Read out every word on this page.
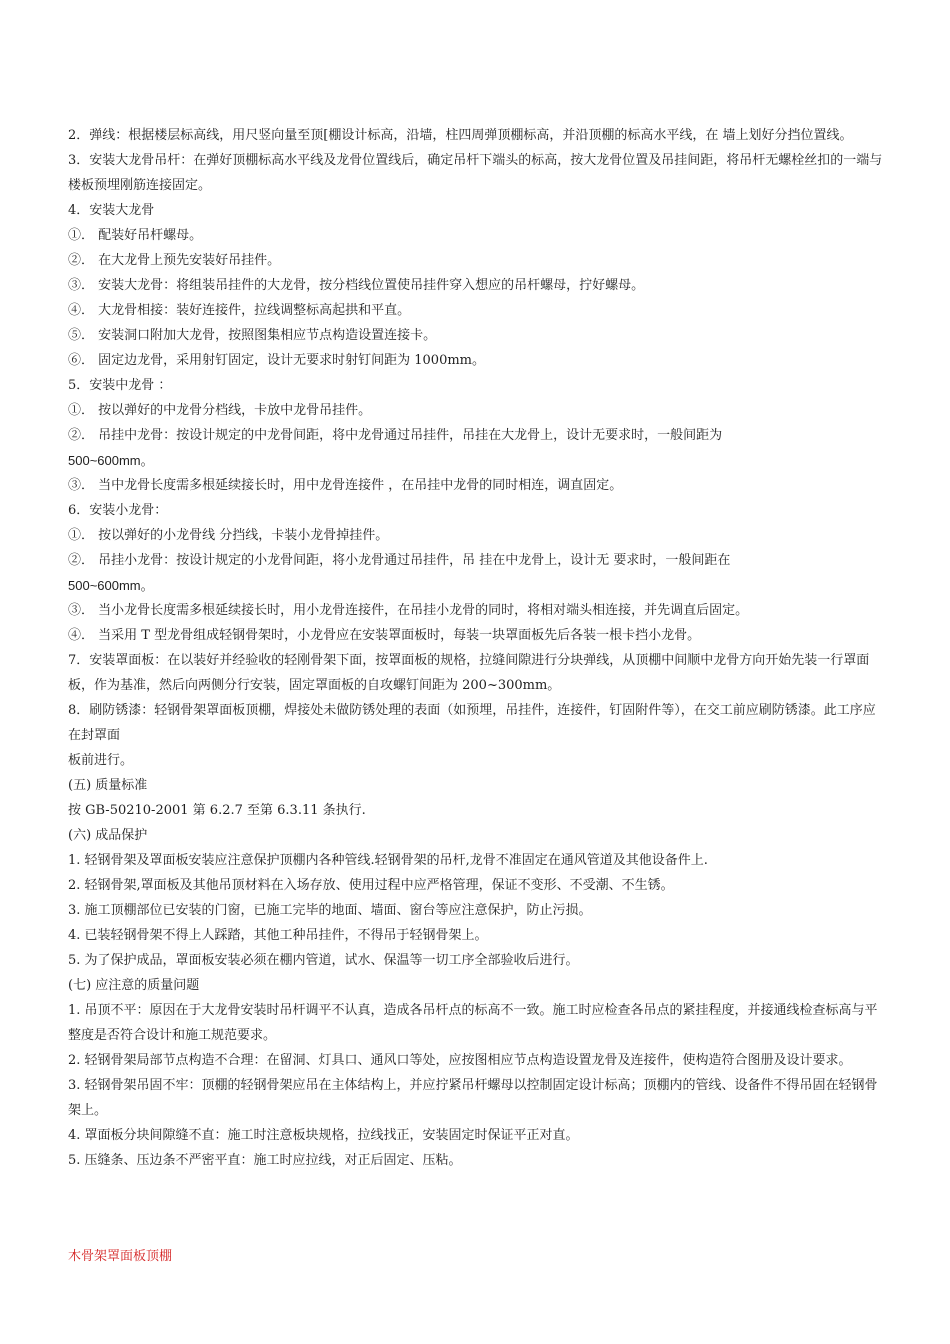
2．弹线：根据楼层标高线，用尺竖向量至顶[棚设计标高，沿墙，柱四周弹顶棚标高，并沿顶棚的标高水平线，在 墙上划好分挡位置线。

3．安装大龙骨吊杆：在弹好顶棚标高水平线及龙骨位置线后，确定吊杆下端头的标高，按大龙骨位置及吊挂间距，将吊杆无螺栓丝扣的一端与楼板预埋刚筋连接固定。

4．安装大龙骨

①． 配装好吊杆螺母。

②． 在大龙骨上预先安装好吊挂件。

③． 安装大龙骨：将组装吊挂件的大龙骨，按分档线位置使吊挂件穿入想应的吊杆螺母，拧好螺母。

④． 大龙骨相接：装好连接件，拉线调整标高起拱和平直。

⑤． 安装洞口附加大龙骨，按照图集相应节点构造设置连接卡。

⑥． 固定边龙骨，采用射钉固定，设计无要求时射钉间距为 1000mm。

5．安装中龙骨 ：

①． 按以弹好的中龙骨分档线，卡放中龙骨吊挂件。

②． 吊挂中龙骨：按设计规定的中龙骨间距，将中龙骨通过吊挂件，吊挂在大龙骨上，设计无要求时，一般间距为

500~600mm。

③． 当中龙骨长度需多根延续接长时，用中龙骨连接件 ，在吊挂中龙骨的同时相连，调直固定。

6．安装小龙骨：

①． 按以弹好的小龙骨线 分挡线，卡装小龙骨掉挂件。

②． 吊挂小龙骨：按设计规定的小龙骨间距，将小龙骨通过吊挂件，吊 挂在中龙骨上，设计无 要求时，一般间距在

500~600mm。

③． 当小龙骨长度需多根延续接长时，用小龙骨连接件，在吊挂小龙骨的同时，将相对端头相连接，并先调直后固定。

④． 当采用 T 型龙骨组成轻钢骨架时，小龙骨应在安装罩面板时，每装一块罩面板先后各装一根卡挡小龙骨。

7．安装罩面板：在以装好并经验收的轻刚骨架下面，按罩面板的规格，拉缝间隙进行分块弹线，从顶棚中间顺中龙骨方向开始先装一行罩面板，作为基准，然后向两侧分行安装，固定罩面板的自攻螺钉间距为 200~300mm。

8．刷防锈漆：轻钢骨架罩面板顶棚，焊接处未做防锈处理的表面（如预埋，吊挂件，连接件，钉固附件等），在交工前应刷防锈漆。此工序应在封罩面

板前进行。

(五) 质量标准

按 GB-50210-2001 第 6.2.7 至第 6.3.11 条执行.

(六) 成品保护

1. 轻钢骨架及罩面板安装应注意保护顶棚内各种管线.轻钢骨架的吊杆,龙骨不准固定在通风管道及其他设备件上.

2. 轻钢骨架,罩面板及其他吊顶材料在入场存放、使用过程中应严格管理，保证不变形、不受潮、不生锈。

3. 施工顶棚部位已安装的门窗，已施工完毕的地面、墙面、窗台等应注意保护，防止污损。

4. 已装轻钢骨架不得上人踩踏，其他工种吊挂件，不得吊于轻钢骨架上。

5. 为了保护成品，罩面板安装必须在棚内管道，试水、保温等一切工序全部验收后进行。

(七) 应注意的质量问题

1. 吊顶不平：原因在于大龙骨安装时吊杆调平不认真，造成各吊杆点的标高不一致。施工时应检查各吊点的紧挂程度，并接通线检查标高与平整度是否符合设计和施工规范要求。

2. 轻钢骨架局部节点构造不合理：在留洞、灯具口、通风口等处，应按图相应节点构造设置龙骨及连接件，使构造符合图册及设计要求。

3. 轻钢骨架吊固不牢：顶棚的轻钢骨架应吊在主体结构上，并应拧紧吊杆螺母以控制固定设计标高；顶棚内的管线、设备件不得吊固在轻钢骨架上。

4. 罩面板分块间隙缝不直：施工时注意板块规格，拉线找正，安装固定时保证平正对直。

5. 压缝条、压边条不严密平直：施工时应拉线，对正后固定、压粘。

木骨架罩面板顶棚
